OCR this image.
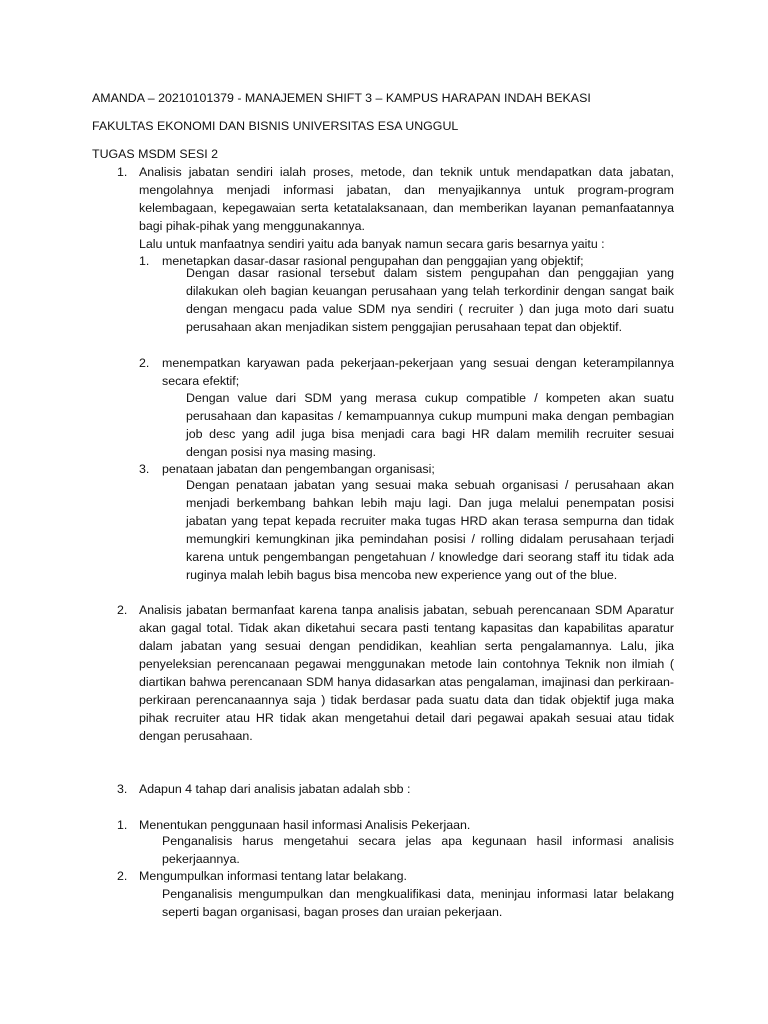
AMANDA – 20210101379 - MANAJEMEN SHIFT 3 – KAMPUS HARAPAN INDAH BEKASI
FAKULTAS EKONOMI DAN BISNIS UNIVERSITAS ESA UNGGUL
TUGAS MSDM SESI 2
1. Analisis jabatan sendiri ialah proses, metode, dan teknik untuk mendapatkan data jabatan, mengolahnya menjadi informasi jabatan, dan menyajikannya untuk program-program kelembagaan, kepegawaian serta ketatalaksanaan, dan memberikan layanan pemanfaatannya bagi pihak-pihak yang menggunakannya.
Lalu untuk manfaatnya sendiri yaitu ada banyak namun secara garis besarnya yaitu :
1.	menetapkan dasar-dasar rasional pengupahan dan penggajian yang objektif;
Dengan dasar rasional tersebut dalam sistem pengupahan dan penggajian yang dilakukan oleh bagian keuangan perusahaan yang telah terkordinir dengan sangat baik dengan mengacu pada value SDM nya sendiri ( recruiter ) dan juga moto dari suatu perusahaan akan menjadikan sistem penggajian perusahaan tepat dan objektif.
2.	menempatkan karyawan pada pekerjaan-pekerjaan yang sesuai dengan keterampilannya secara efektif;
Dengan value dari SDM yang merasa cukup compatible / kompeten akan suatu perusahaan dan kapasitas / kemampuannya cukup mumpuni maka dengan pembagian job desc yang adil juga bisa menjadi cara bagi HR dalam memilih recruiter sesuai dengan posisi nya masing masing.
3.	penataan jabatan dan pengembangan organisasi;
Dengan penataan jabatan yang sesuai maka sebuah organisasi / perusahaan akan menjadi berkembang bahkan lebih maju lagi. Dan juga melalui penempatan posisi jabatan yang tepat kepada recruiter maka tugas HRD akan terasa sempurna dan tidak memungkiri kemungkinan jika pemindahan posisi / rolling didalam perusahaan terjadi karena untuk pengembangan pengetahuan / knowledge dari seorang staff itu tidak ada ruginya malah lebih bagus bisa mencoba new experience yang out of the blue.
2. Analisis jabatan bermanfaat karena tanpa analisis jabatan, sebuah perencanaan SDM Aparatur akan gagal total. Tidak akan diketahui secara pasti tentang kapasitas dan kapabilitas aparatur dalam jabatan yang sesuai dengan pendidikan, keahlian serta pengalamannya. Lalu, jika penyeleksian perencanaan pegawai menggunakan metode lain contohnya Teknik non ilmiah ( diartikan bahwa perencanaan SDM hanya didasarkan atas pengalaman, imajinasi dan perkiraan-perkiraan perencanaannya saja ) tidak berdasar pada suatu data dan tidak objektif juga maka pihak recruiter atau HR tidak akan mengetahui detail dari pegawai apakah sesuai atau tidak dengan perusahaan.
3. Adapun 4 tahap dari analisis jabatan adalah sbb :
1. Menentukan penggunaan hasil informasi Analisis Pekerjaan.
Penganalisis harus mengetahui secara jelas apa kegunaan hasil informasi analisis pekerjaannya.
2. Mengumpulkan informasi tentang latar belakang.
Penganalisis mengumpulkan dan mengkualifikasi data, meninjau informasi latar belakang seperti bagan organisasi, bagan proses dan uraian pekerjaan.
